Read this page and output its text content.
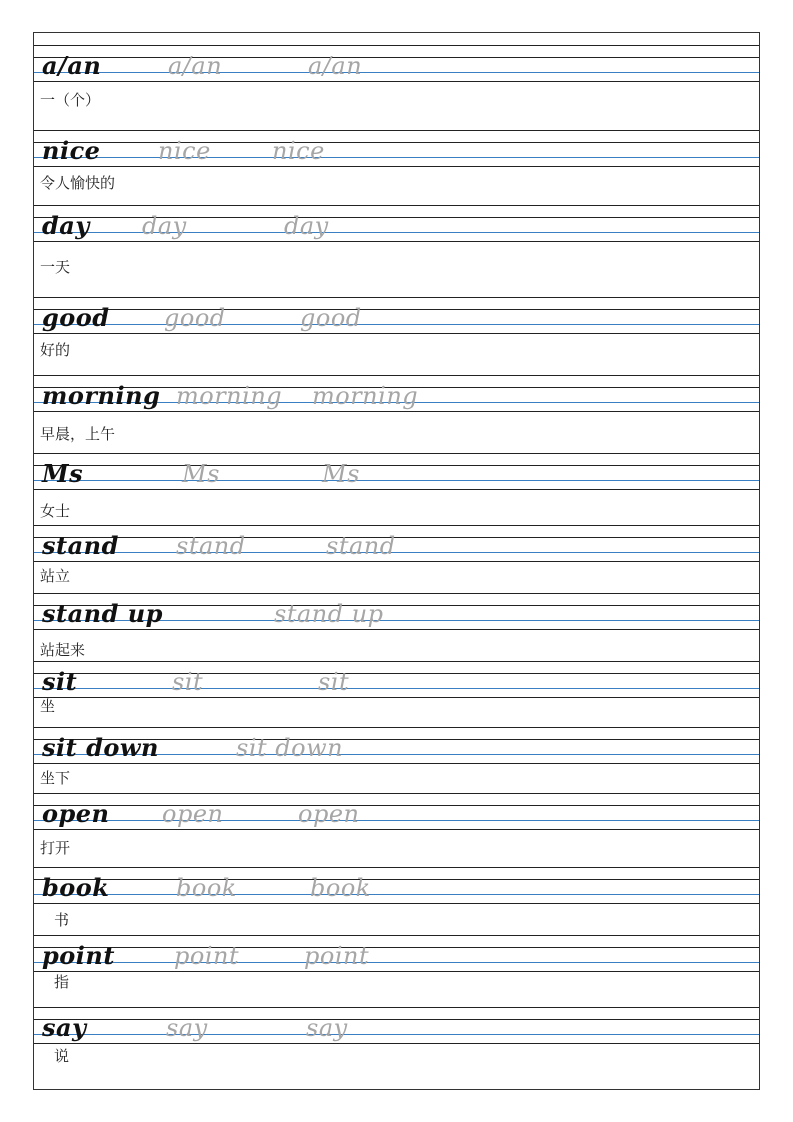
a/an	a/an	a/an
一（个）
nice nice	nice
令人愉快的
day day	day
一天
good good	good
好的
morning morning morning
早晨，上午
Ms	Ms	Ms
女士
stand stand	stand
站立
stand up	stand up
站起来
sit	sit	sit
坐
sit down	sit down
坐下
open open	open
打开
book	book	book
书
point point	point
指
say	say	say
说
